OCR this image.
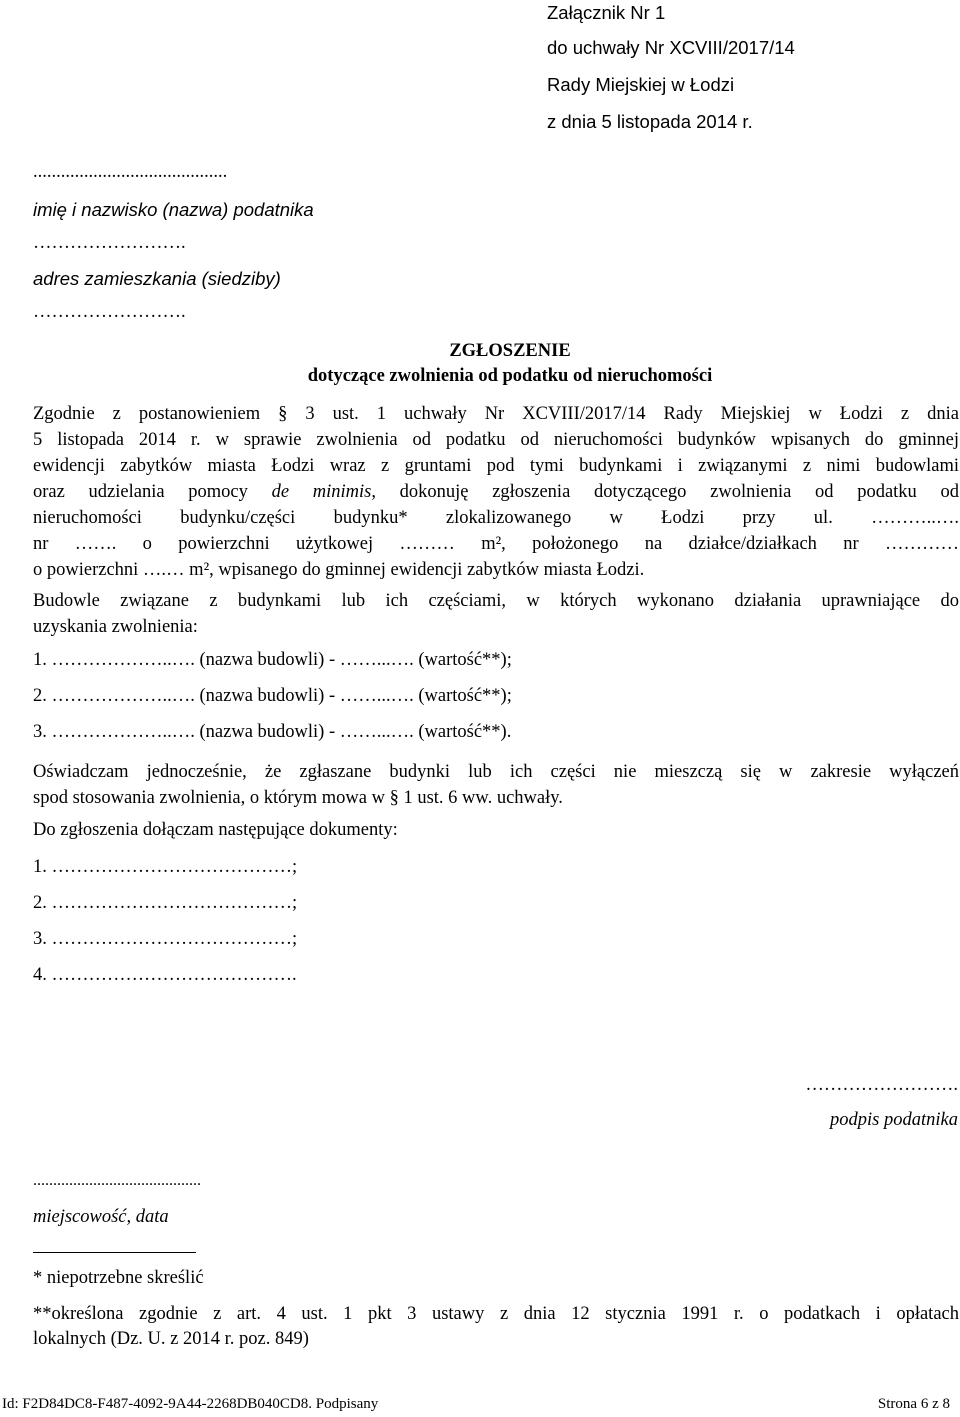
Załącznik Nr 1
do uchwały Nr XCVIII/2017/14
Rady Miejskiej w Łodzi
z dnia 5 listopada 2014 r.
..........................................
imię i nazwisko (nazwa) podatnika
…………………….
adres zamieszkania (siedziby)
…………………….
ZGŁOSZENIE
dotyczące zwolnienia od podatku od nieruchomości
Zgodnie z postanowieniem § 3 ust. 1 uchwały Nr XCVIII/2017/14 Rady Miejskiej w Łodzi z dnia
5 listopada 2014 r. w sprawie zwolnienia od podatku od nieruchomości budynków wpisanych do gminnej
ewidencji zabytków miasta Łodzi wraz z gruntami pod tymi budynkami i związanymi z nimi budowlami
oraz udzielania pomocy de minimis, dokonuję zgłoszenia dotyczącego zwolnienia od podatku od
nieruchomości budynku/części budynku* zlokalizowanego w Łodzi przy ul. ………..….
nr ……. o powierzchni użytkowej ……… m², położonego na działce/działkach nr …………
o powierzchni ….… m², wpisanego do gminnej ewidencji zabytków miasta Łodzi.
Budowle związane z budynkami lub ich częściami, w których wykonano działania uprawniające do
uzyskania zwolnienia:
1. ………………..…. (nazwa budowli) - ……...…. (wartość**);
2. ………………..…. (nazwa budowli) - ……...…. (wartość**);
3. ………………..…. (nazwa budowli) - ……...…. (wartość**).
Oświadczam jednocześnie, że zgłaszane budynki lub ich części nie mieszczą się w zakresie wyłączeń
spod stosowania zwolnienia, o którym mowa w § 1 ust. 6 ww. uchwały.
Do zgłoszenia dołączam następujące dokumenty:
1. …………………………………;
2. …………………………………;
3. …………………………………;
4. ………………………………….
…………………….
podpis podatnika
..........................................
miejscowość, data
* niepotrzebne skreślić
**określona zgodnie z art. 4 ust. 1 pkt 3 ustawy z dnia 12 stycznia 1991 r. o podatkach i opłatach
lokalnych (Dz. U. z 2014 r. poz. 849)
Id: F2D84DC8-F487-4092-9A44-2268DB040CD8. Podpisany	Strona 6 z 8
